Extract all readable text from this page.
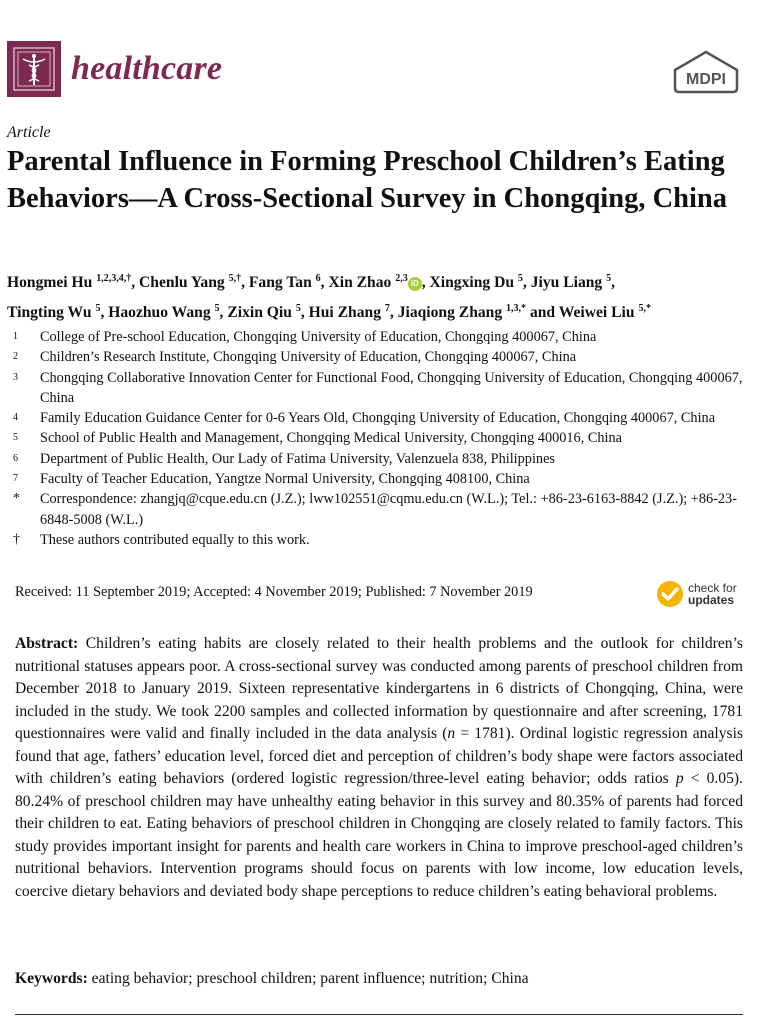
healthcare	MDPI
Article
Parental Influence in Forming Preschool Children’s Eating Behaviors—A Cross-Sectional Survey in Chongqing, China
Hongmei Hu $^{1,2,3,4,\dagger}$, Chenlu Yang $^{5,\dagger}$, Fang Tan $^6$, Xin Zhao $^{2,3}$ iD , Xingxing Du $^5$, Jiyu Liang $^5$,
Tingting Wu $^5$, Haozhuo Wang $^5$, Zixin Qiu $^5$, Hui Zhang $^7$, Jiaqiong Zhang $^{1,3,*}$ and Weiwei Liu $^{5,*}$
1	College of Pre-school Education, Chongqing University of Education, Chongqing 400067, China
2	Children’s Research Institute, Chongqing University of Education, Chongqing 400067, China
3	Chongqing Collaborative Innovation Center for Functional Food, Chongqing University of Education, Chongqing 400067, China
4	Family Education Guidance Center for 0-6 Years Old, Chongqing University of Education, Chongqing 400067, China
5	School of Public Health and Management, Chongqing Medical University, Chongqing 400016, China
6	Department of Public Health, Our Lady of Fatima University, Valenzuela 838, Philippines
7	Faculty of Teacher Education, Yangtze Normal University, Chongqing 408100, China
*	Correspondence: zhangjq@cque.edu.cn (J.Z.); lww102551@cqmu.edu.cn (W.L.); Tel.: +86-23-6163-8842 (J.Z.); +86-23-6848-5008 (W.L.)
†	These authors contributed equally to this work.
Received: 11 September 2019; Accepted: 4 November 2019; Published: 7 November 2019	check for
updates
Abstract: Children’s eating habits are closely related to their health problems and the outlook for children’s nutritional statuses appears poor. A cross-sectional survey was conducted among parents of preschool children from December 2018 to January 2019. Sixteen representative kindergartens in 6 districts of Chongqing, China, were included in the study. We took 2200 samples and collected information by questionnaire and after screening, 1781 questionnaires were valid and finally included in the data analysis (n = 1781). Ordinal logistic regression analysis found that age, fathers’ education level, forced diet and perception of children’s body shape were factors associated with children’s eating behaviors (ordered logistic regression/three-level eating behavior; odds ratios p < 0.05). 80.24% of preschool children may have unhealthy eating behavior in this survey and 80.35% of parents had forced their children to eat. Eating behaviors of preschool children in Chongqing are closely related to family factors. This study provides important insight for parents and health care workers in China to improve preschool-aged children’s nutritional behaviors. Intervention programs should focus on parents with low income, low education levels, coercive dietary behaviors and deviated body shape perceptions to reduce children’s eating behavioral problems.
Keywords: eating behavior; preschool children; parent influence; nutrition; China
